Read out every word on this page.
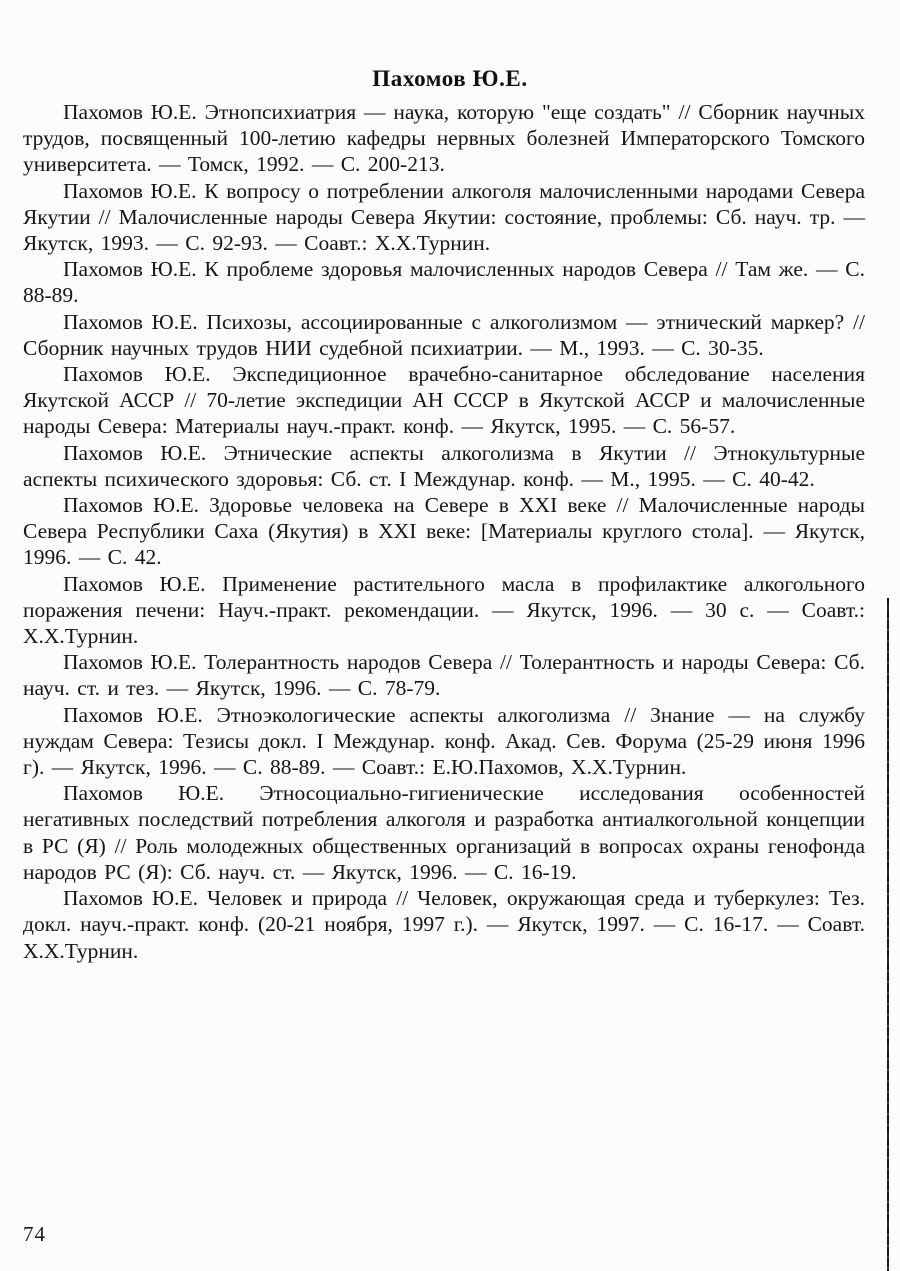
Пахомов Ю.Е.

Пахомов Ю.Е. Этнопсихиатрия — наука, которую "еще создать" // Сборник научных трудов, посвященный 100-летию кафедры нервных болезней Императорского Томского университета. — Томск, 1992. — С. 200-213.

Пахомов Ю.Е. К вопросу о потреблении алкоголя малочисленными народами Севера Якутии // Малочисленные народы Севера Якутии: состояние, проблемы: Сб. науч. тр. — Якутск, 1993. — С. 92-93. — Соавт.: Х.Х.Турнин.

Пахомов Ю.Е. К проблеме здоровья малочисленных народов Севера // Там же. — С. 88-89.

Пахомов Ю.Е. Психозы, ассоциированные с алкоголизмом — этнический маркер? // Сборник научных трудов НИИ судебной психиатрии. — М., 1993. — С. 30-35.

Пахомов Ю.Е. Экспедиционное врачебно-санитарное обследование населения Якутской АССР // 70-летие экспедиции АН СССР в Якутской АССР и малочисленные народы Севера: Материалы науч.-практ. конф. — Якутск, 1995. — С. 56-57.

Пахомов Ю.Е. Этнические аспекты алкоголизма в Якутии // Этнокультурные аспекты психического здоровья: Сб. ст. I Междунар. конф. — М., 1995. — С. 40-42.

Пахомов Ю.Е. Здоровье человека на Севере в XXI веке // Малочисленные народы Севера Республики Саха (Якутия) в XXI веке: [Материалы круглого стола]. — Якутск, 1996. — С. 42.

Пахомов Ю.Е. Применение растительного масла в профилактике алкогольного поражения печени: Науч.-практ. рекомендации. — Якутск, 1996. — 30 с. — Соавт.: Х.Х.Турнин.

Пахомов Ю.Е. Толерантность народов Севера // Толерантность и народы Севера: Сб. науч. ст. и тез. — Якутск, 1996. — С. 78-79.

Пахомов Ю.Е. Этноэкологические аспекты алкоголизма // Знание — на службу нуждам Севера: Тезисы докл. I Междунар. конф. Акад. Сев. Форума (25-29 июня 1996 г). — Якутск, 1996. — С. 88-89. — Соавт.: Е.Ю.Пахомов, Х.Х.Турнин.

Пахомов Ю.Е. Этносоциально-гигиенические исследования особенностей негативных последствий потребления алкоголя и разработка антиалкогольной концепции в РС (Я) // Роль молодежных общественных организаций в вопросах охраны генофонда народов РС (Я): Сб. науч. ст. — Якутск, 1996. — С. 16-19.

Пахомов Ю.Е. Человек и природа // Человек, окружающая среда и туберкулез: Тез. докл. науч.-практ. конф. (20-21 ноября, 1997 г.). — Якутск, 1997. — С. 16-17. — Соавт. Х.Х.Турнин.

74
